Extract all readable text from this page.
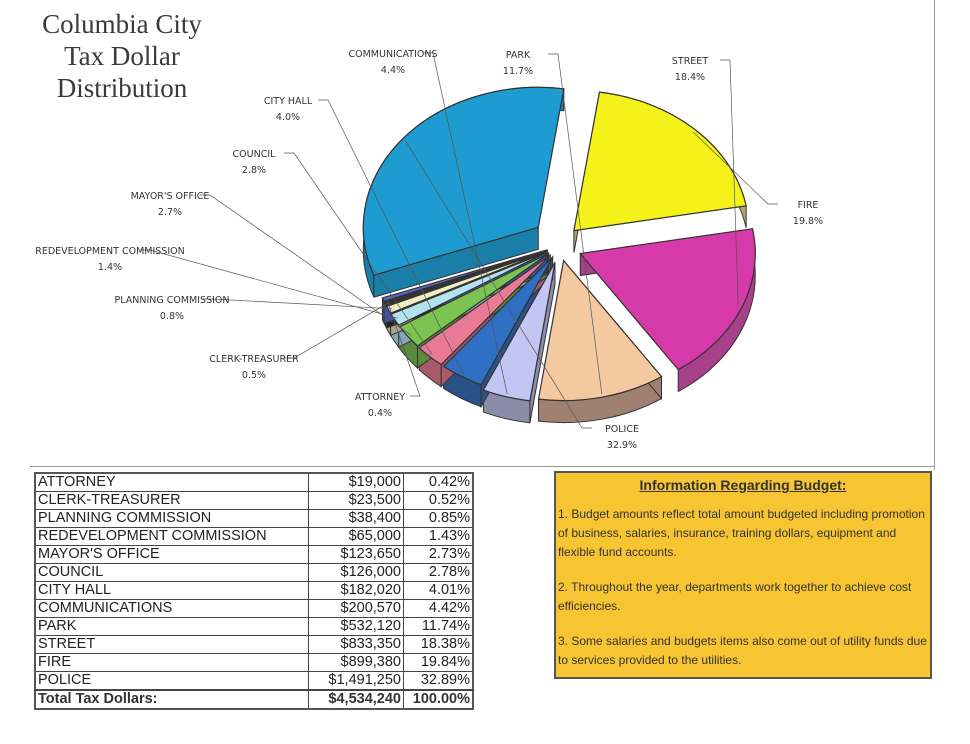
Columbia City
Tax Dollar
Distribution
POLICE
32.9%
FIRE
19.8%
STREET
18.4%
PARK
11.7%
COMMUNICATIONS
4.4%
CITY HALL
4.0%
COUNCIL
2.8%
MAYOR'S OFFICE
2.7%
REDEVELOPMENT COMMISSION
1.4%
PLANNING COMMISSION
0.8%
CLERK-TREASURER
0.5%
ATTORNEY
0.4%
ATTORNEY	$19,000	0.42%
CLERK-TREASURER	$23,500	0.52%
PLANNING COMMISSION	$38,400	0.85%
REDEVELOPMENT COMMISSION	$65,000	1.43%
MAYOR'S OFFICE	$123,650	2.73%
COUNCIL	$126,000	2.78%
CITY HALL	$182,020	4.01%
COMMUNICATIONS	$200,570	4.42%
PARK	$532,120	11.74%
STREET	$833,350	18.38%
FIRE	$899,380	19.84%
POLICE	$1,491,250	32.89%
Total Tax Dollars:	$4,534,240	100.00%
Information Regarding Budget:

1. Budget amounts reflect total amount budgeted including promotion of business, salaries, insurance, training dollars, equipment and flexible fund accounts.

2. Throughout the year, departments work together to achieve cost efficiencies.

3. Some salaries and budgets items also come out of utility funds due to services provided to the utilities.
